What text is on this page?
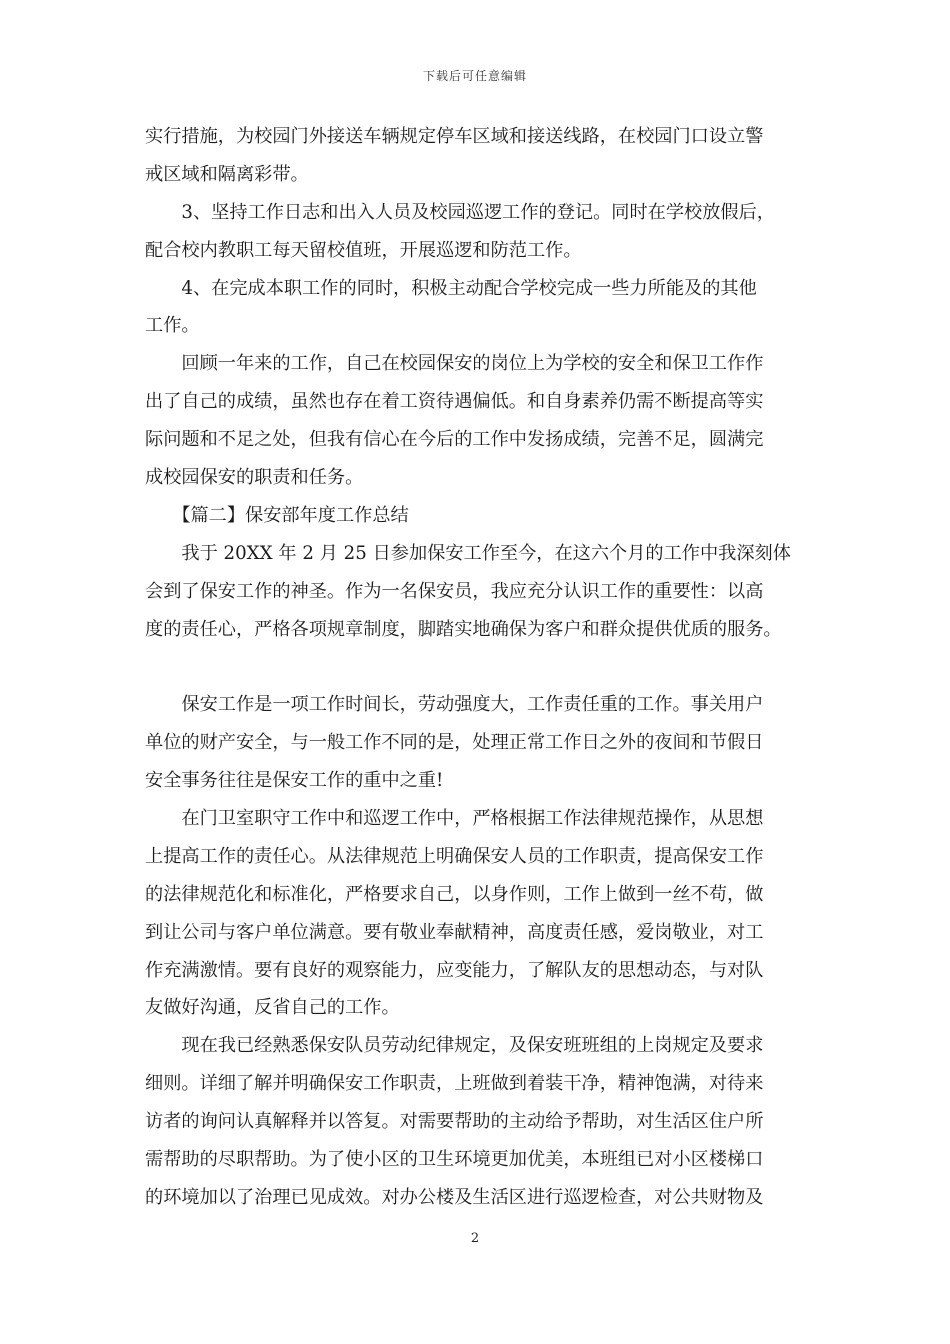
下载后可任意编辑
实行措施，为校园门外接送车辆规定停车区域和接送线路，在校园门口设立警
戒区域和隔离彩带。
　　3、坚持工作日志和出入人员及校园巡逻工作的登记。同时在学校放假后，
配合校内教职工每天留校值班，开展巡逻和防范工作。
　　4、在完成本职工作的同时，积极主动配合学校完成一些力所能及的其他
工作。
　　回顾一年来的工作，自己在校园保安的岗位上为学校的安全和保卫工作作
出了自己的成绩，虽然也存在着工资待遇偏低。和自身素养仍需不断提高等实
际问题和不足之处，但我有信心在今后的工作中发扬成绩，完善不足，圆满完
成校园保安的职责和任务。
　　【篇二】保安部年度工作总结
　　我于 20XX 年 2 月 25 日参加保安工作至今，在这六个月的工作中我深刻体
会到了保安工作的神圣。作为一名保安员，我应充分认识工作的重要性：以高
度的责任心，严格各项规章制度，脚踏实地确保为客户和群众提供优质的服务。
　　保安工作是一项工作时间长，劳动强度大，工作责任重的工作。事关用户
单位的财产安全，与一般工作不同的是，处理正常工作日之外的夜间和节假日
安全事务往往是保安工作的重中之重!
　　在门卫室职守工作中和巡逻工作中，严格根据工作法律规范操作，从思想
上提高工作的责任心。从法律规范上明确保安人员的工作职责，提高保安工作
的法律规范化和标准化，严格要求自己，以身作则，工作上做到一丝不苟，做
到让公司与客户单位满意。要有敬业奉献精神，高度责任感，爱岗敬业，对工
作充满激情。要有良好的观察能力，应变能力，了解队友的思想动态，与对队
友做好沟通，反省自己的工作。
　　现在我已经熟悉保安队员劳动纪律规定，及保安班班组的上岗规定及要求
细则。详细了解并明确保安工作职责，上班做到着装干净，精神饱满，对待来
访者的询问认真解释并以答复。对需要帮助的主动给予帮助，对生活区住户所
需帮助的尽职帮助。为了使小区的卫生环境更加优美，本班组已对小区楼梯口
的环境加以了治理已见成效。对办公楼及生活区进行巡逻检查，对公共财物及
2
